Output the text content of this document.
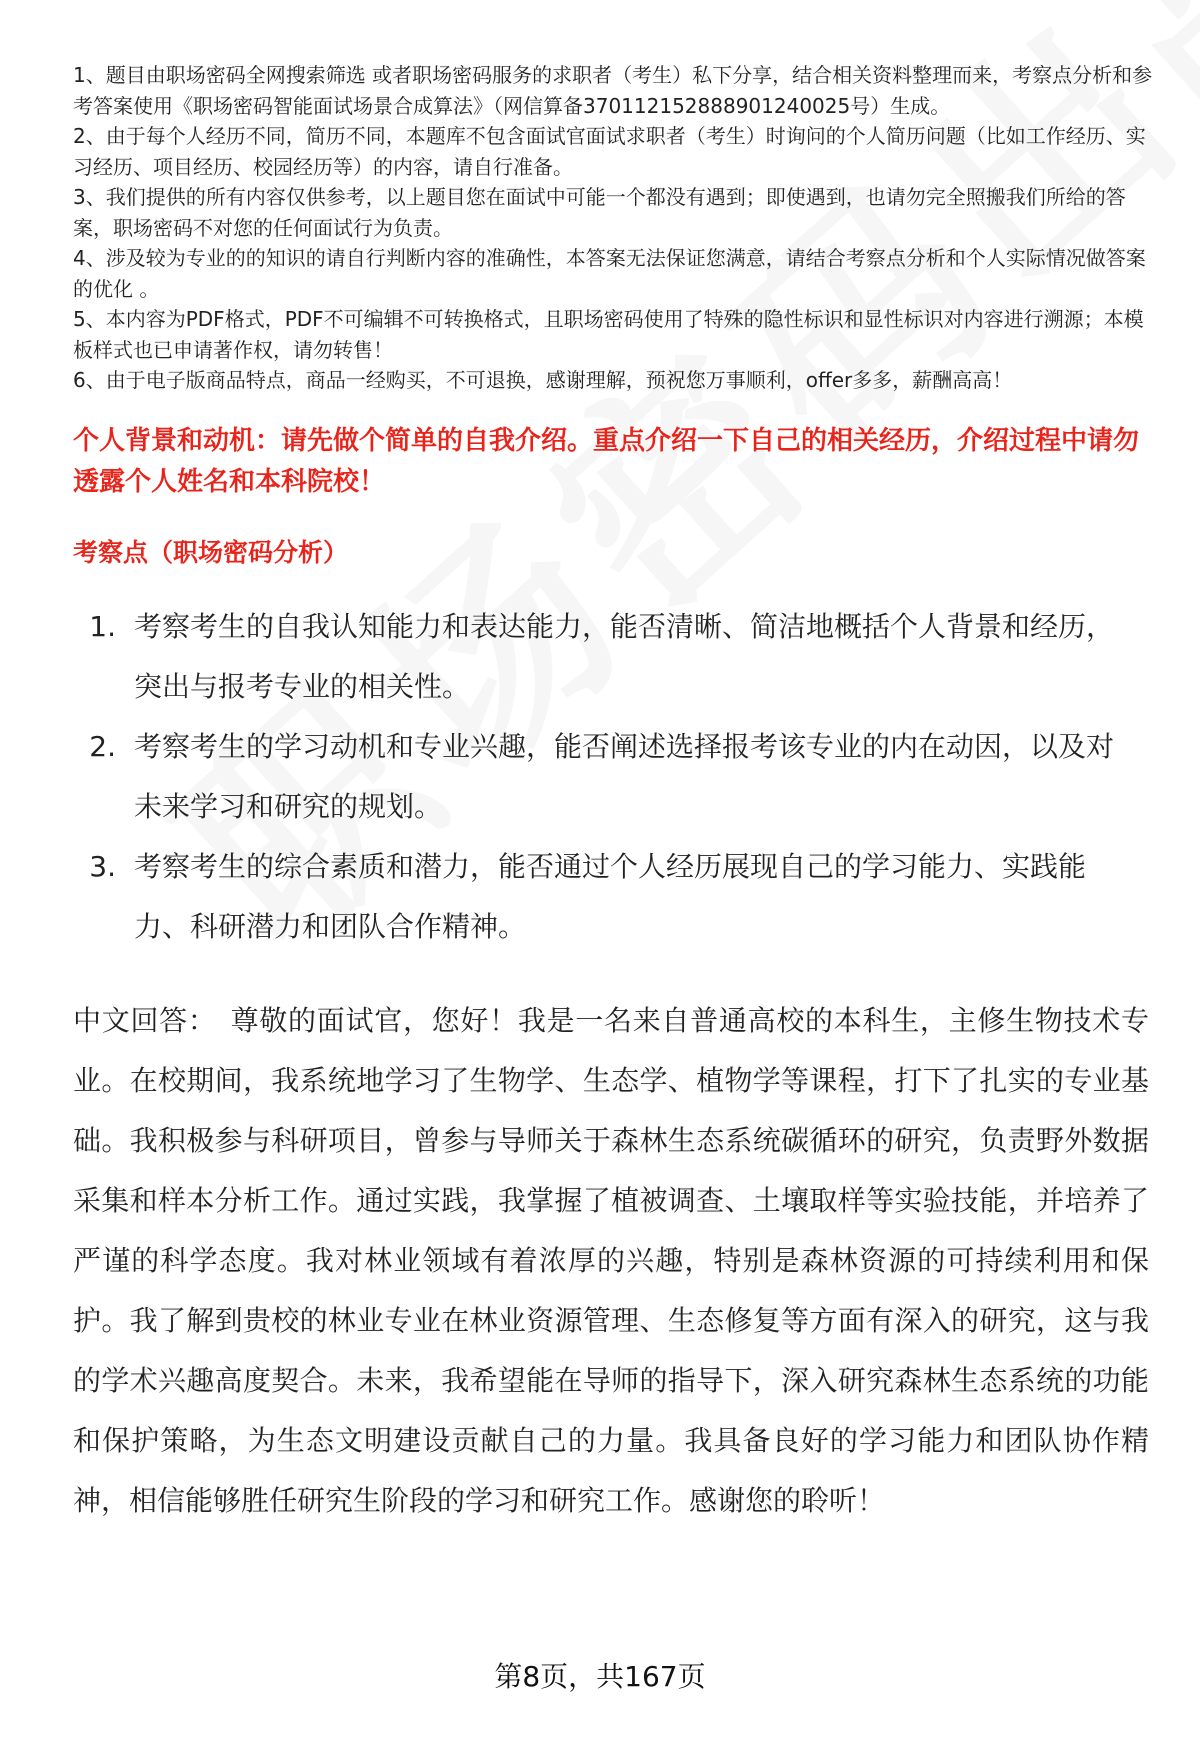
1、题目由职场密码全网搜索筛选 或者职场密码服务的求职者（考生）私下分享，结合相关资料整理而来，考察点分析和参考答案使用《职场密码智能面试场景合成算法》（网信算备370112152888901240025号）生成。

2、由于每个人经历不同，简历不同，本题库不包含面试官面试求职者（考生）时询问的个人简历问题（比如工作经历、实习经历、项目经历、校园经历等）的内容，请自行准备。

3、我们提供的所有内容仅供参考，以上题目您在面试中可能一个都没有遇到；即使遇到，也请勿完全照搬我们所给的答案，职场密码不对您的任何面试行为负责。

4、涉及较为专业的的知识的请自行判断内容的准确性，本答案无法保证您满意，请结合考察点分析和个人实际情况做答案的优化 。

5、本内容为PDF格式，PDF不可编辑不可转换格式，且职场密码使用了特殊的隐性标识和显性标识对内容进行溯源；本模板样式也已申请著作权，请勿转售！

6、由于电子版商品特点，商品一经购买，不可退换，感谢理解，预祝您万事顺利，offer多多，薪酬高高！

个人背景和动机：请先做个简单的自我介绍。重点介绍一下自己的相关经历，介绍过程中请勿透露个人姓名和本科院校！
考察点（职场密码分析）
1. 考察考生的自我认知能力和表达能力，能否清晰、简洁地概括个人背景和经历，突出与报考专业的相关性。
2. 考察考生的学习动机和专业兴趣，能否阐述选择报考该专业的内在动因，以及对未来学习和研究的规划。
3. 考察考生的综合素质和潜力，能否通过个人经历展现自己的学习能力、实践能力、科研潜力和团队合作精神。
中文回答： 尊敬的面试官，您好！我是一名来自普通高校的本科生，主修生物技术专业。在校期间，我系统地学习了生物学、生态学、植物学等课程，打下了扎实的专业基础。我积极参与科研项目，曾参与导师关于森林生态系统碳循环的研究，负责野外数据采集和样本分析工作。通过实践，我掌握了植被调查、土壤取样等实验技能，并培养了严谨的科学态度。我对林业领域有着浓厚的兴趣，特别是森林资源的可持续利用和保护。我了解到贵校的林业专业在林业资源管理、生态修复等方面有深入的研究，这与我的学术兴趣高度契合。未来，我希望能在导师的指导下，深入研究森林生态系统的功能和保护策略，为生态文明建设贡献自己的力量。我具备良好的学习能力和团队协作精神，相信能够胜任研究生阶段的学习和研究工作。感谢您的聆听！
第8页，共167页
